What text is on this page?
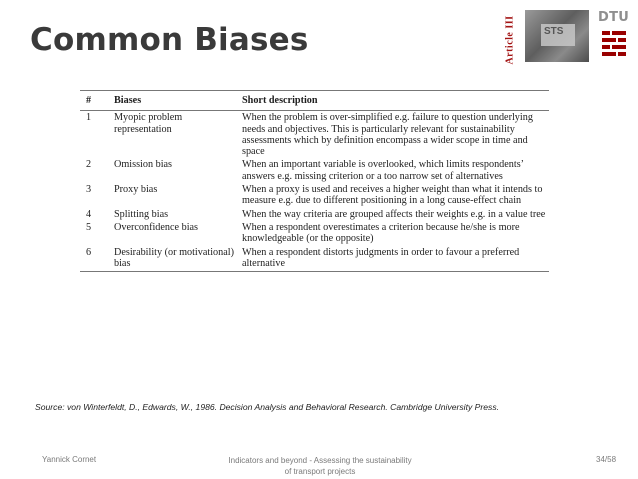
Common Biases	Article III	STS
DTU
#	Biases	Short description
1	Myopic problem representation	When the problem is over-simplified e.g. failure to question underlying needs and objectives. This is particularly relevant for sustainability assessments which by definition encompass a wider scope in time and space
2	Omission bias	When an important variable is overlooked, which limits respondents’ answers e.g. missing criterion or a too narrow set of alternatives
3	Proxy bias	When a proxy is used and receives a higher weight than what it intends to measure e.g. due to different positioning in a long cause-effect chain
4	Splitting bias	When the way criteria are grouped affects their weights e.g. in a value tree
5	Overconfidence bias	When a respondent overestimates a criterion because he/she is more knowledgeable (or the opposite)
6	Desirability (or motivational) bias	When a respondent distorts judgments in order to favour a preferred alternative
Source: von Winterfeldt, D., Edwards, W., 1986. Decision Analysis and Behavioral Research. Cambridge University Press.
Yannick Cornet	Indicators and beyond - Assessing the sustainability
of transport projects
34/58
